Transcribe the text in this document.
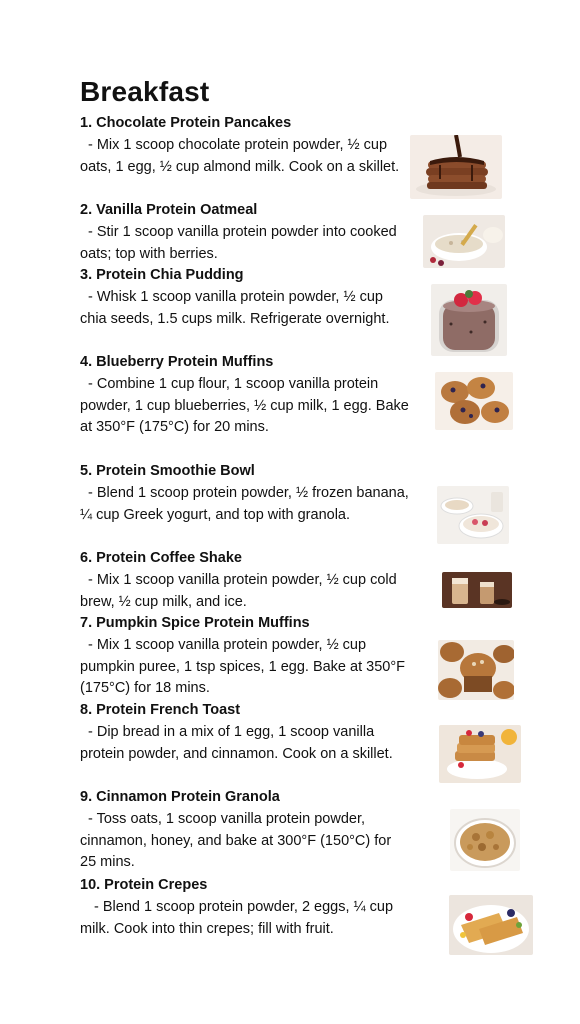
Breakfast
1. Chocolate Protein Pancakes
- Mix 1 scoop chocolate protein powder, ½ cup oats, 1 egg, ½ cup almond milk. Cook on a skillet.
2. Vanilla Protein Oatmeal
- Stir 1 scoop vanilla protein powder into cooked oats; top with berries.
3. Protein Chia Pudding
- Whisk 1 scoop vanilla protein powder, ½ cup chia seeds, 1.5 cups milk. Refrigerate overnight.
4. Blueberry Protein Muffins
- Combine 1 cup flour, 1 scoop vanilla protein powder, 1 cup blueberries, ½ cup milk, 1 egg. Bake at 350°F (175°C) for 20 mins.
5. Protein Smoothie Bowl
- Blend 1 scoop protein powder, ½ frozen banana, ¼ cup Greek yogurt, and top with granola.
6. Protein Coffee Shake
- Mix 1 scoop vanilla protein powder, ½ cup cold brew, ½ cup milk, and ice.
7. Pumpkin Spice Protein Muffins
- Mix 1 scoop vanilla protein powder, ½ cup pumpkin puree, 1 tsp spices, 1 egg. Bake at 350°F (175°C) for 18 mins.
8. Protein French Toast
- Dip bread in a mix of 1 egg, 1 scoop vanilla protein powder, and cinnamon. Cook on a skillet.
9. Cinnamon Protein Granola
- Toss oats, 1 scoop vanilla protein powder, cinnamon, honey, and bake at 300°F (150°C) for 25 mins.
10. Protein Crepes
- Blend 1 scoop protein powder, 2 eggs, ¼ cup milk. Cook into thin crepes; fill with fruit.
